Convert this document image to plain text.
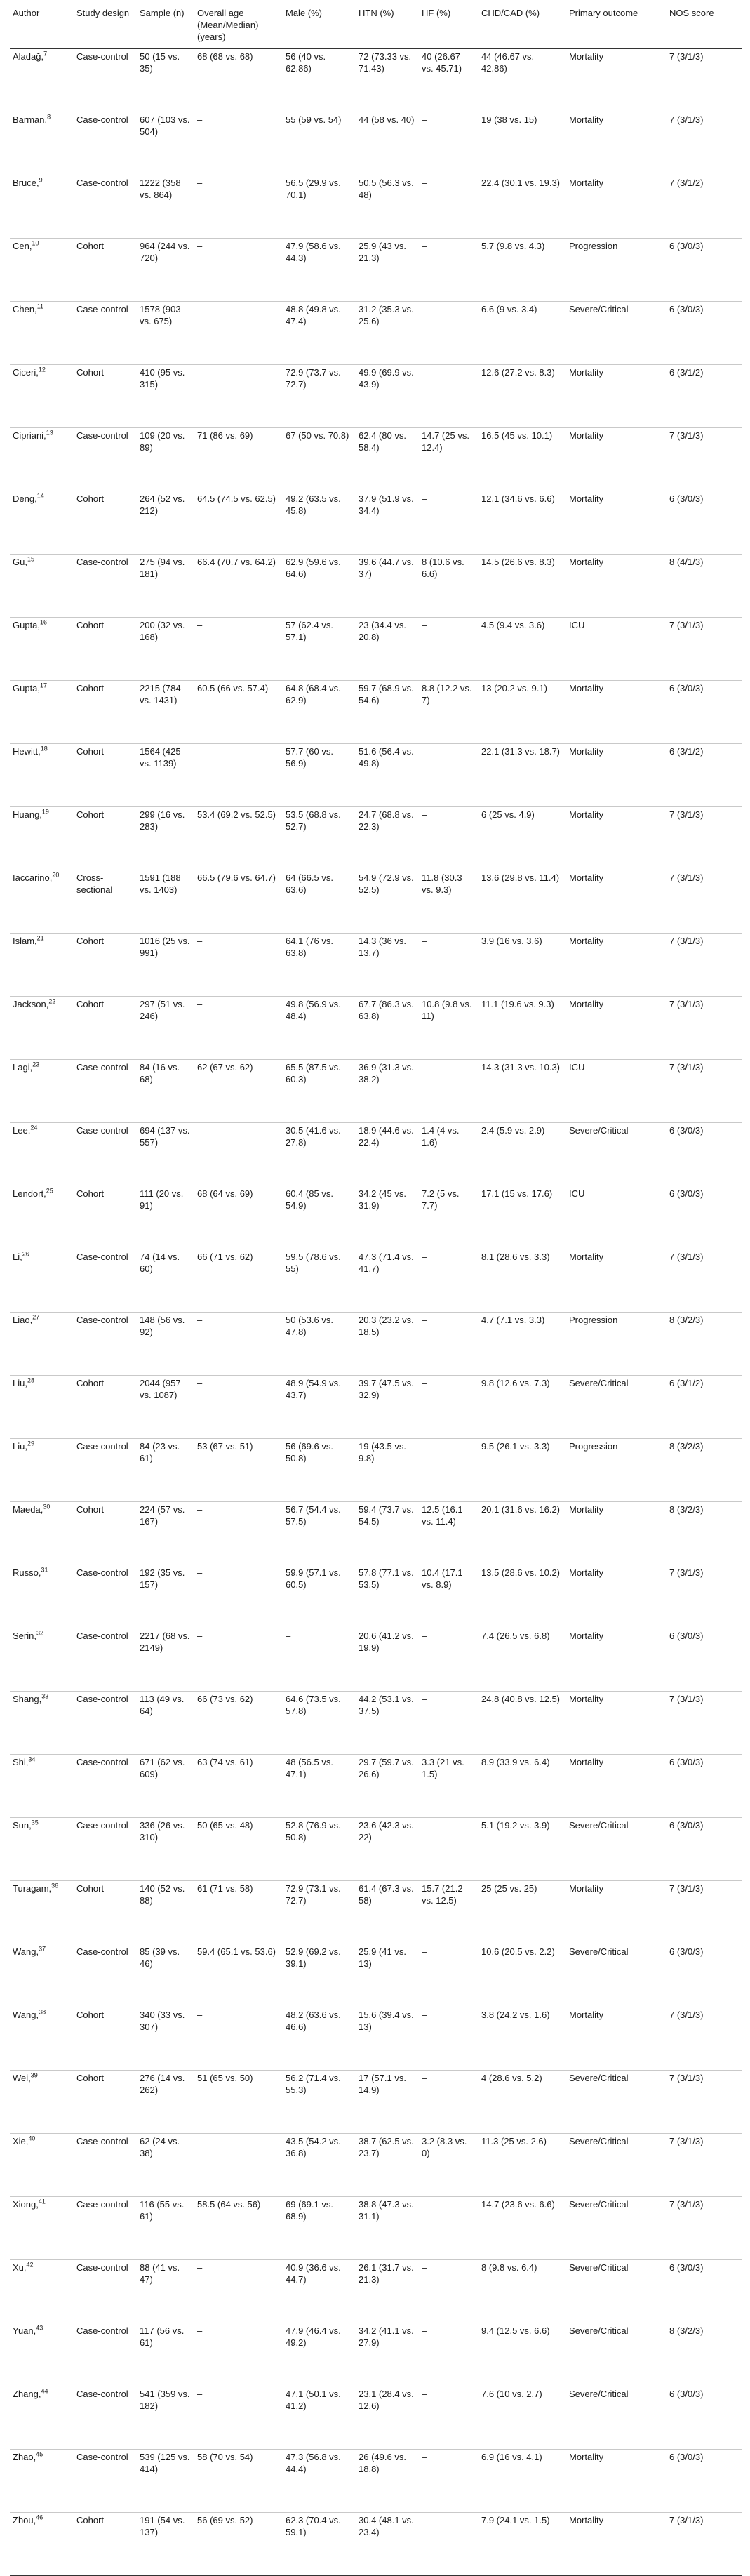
Author	Study design	Sample (n)	Overall age (Mean/Median) (years)	Male (%)	HTN (%)	HF (%)	CHD/CAD (%)	Primary outcome	NOS score
Aladağ,$^7$	Case-control	50 (15 vs. 35)	68 (68 vs. 68)	56 (40 vs. 62.86)	72 (73.33 vs. 71.43)	40 (26.67 vs. 45.71)	44 (46.67 vs. 42.86)	Mortality	7 (3/1/3)
Barman,$^8$	Case-control	607 (103 vs. 504)	–	55 (59 vs. 54)	44 (58 vs. 40)	–	19 (38 vs. 15)	Mortality	7 (3/1/3)
Bruce,$^9$	Case-control	1222 (358 vs. 864)	–	56.5 (29.9 vs. 70.1)	50.5 (56.3 vs. 48)	–	22.4 (30.1 vs. 19.3)	Mortality	7 (3/1/2)
Cen,$^{10}$	Cohort	964 (244 vs. 720)	–	47.9 (58.6 vs. 44.3)	25.9 (43 vs. 21.3)	–	5.7 (9.8 vs. 4.3)	Progression	6 (3/0/3)
Chen,$^{11}$	Case-control	1578 (903 vs. 675)	–	48.8 (49.8 vs. 47.4)	31.2 (35.3 vs. 25.6)	–	6.6 (9 vs. 3.4)	Severe/Critical	6 (3/0/3)
Ciceri,$^{12}$	Cohort	410 (95 vs. 315)	–	72.9 (73.7 vs. 72.7)	49.9 (69.9 vs. 43.9)	–	12.6 (27.2 vs. 8.3)	Mortality	6 (3/1/2)
Cipriani,$^{13}$	Case-control	109 (20 vs. 89)	71 (86 vs. 69)	67 (50 vs. 70.8)	62.4 (80 vs. 58.4)	14.7 (25 vs. 12.4)	16.5 (45 vs. 10.1)	Mortality	7 (3/1/3)
Deng,$^{14}$	Cohort	264 (52 vs. 212)	64.5 (74.5 vs. 62.5)	49.2 (63.5 vs. 45.8)	37.9 (51.9 vs. 34.4)	–	12.1 (34.6 vs. 6.6)	Mortality	6 (3/0/3)
Gu,$^{15}$	Case-control	275 (94 vs. 181)	66.4 (70.7 vs. 64.2)	62.9 (59.6 vs. 64.6)	39.6 (44.7 vs. 37)	8 (10.6 vs. 6.6)	14.5 (26.6 vs. 8.3)	Mortality	8 (4/1/3)
Gupta,$^{16}$	Cohort	200 (32 vs. 168)	–	57 (62.4 vs. 57.1)	23 (34.4 vs. 20.8)	–	4.5 (9.4 vs. 3.6)	ICU	7 (3/1/3)
Gupta,$^{17}$	Cohort	2215 (784 vs. 1431)	60.5 (66 vs. 57.4)	64.8 (68.4 vs. 62.9)	59.7 (68.9 vs. 54.6)	8.8 (12.2 vs. 7)	13 (20.2 vs. 9.1)	Mortality	6 (3/0/3)
Hewitt,$^{18}$	Cohort	1564 (425 vs. 1139)	–	57.7 (60 vs. 56.9)	51.6 (56.4 vs. 49.8)	–	22.1 (31.3 vs. 18.7)	Mortality	6 (3/1/2)
Huang,$^{19}$	Cohort	299 (16 vs. 283)	53.4 (69.2 vs. 52.5)	53.5 (68.8 vs. 52.7)	24.7 (68.8 vs. 22.3)	–	6 (25 vs. 4.9)	Mortality	7 (3/1/3)
Iaccarino,$^{20}$	Cross-sectional	1591 (188 vs. 1403)	66.5 (79.6 vs. 64.7)	64 (66.5 vs. 63.6)	54.9 (72.9 vs. 52.5)	11.8 (30.3 vs. 9.3)	13.6 (29.8 vs. 11.4)	Mortality	7 (3/1/3)
Islam,$^{21}$	Cohort	1016 (25 vs. 991)	–	64.1 (76 vs. 63.8)	14.3 (36 vs. 13.7)	–	3.9 (16 vs. 3.6)	Mortality	7 (3/1/3)
Jackson,$^{22}$	Cohort	297 (51 vs. 246)	–	49.8 (56.9 vs. 48.4)	67.7 (86.3 vs. 63.8)	10.8 (9.8 vs. 11)	11.1 (19.6 vs. 9.3)	Mortality	7 (3/1/3)
Lagi,$^{23}$	Case-control	84 (16 vs. 68)	62 (67 vs. 62)	65.5 (87.5 vs. 60.3)	36.9 (31.3 vs. 38.2)	–	14.3 (31.3 vs. 10.3)	ICU	7 (3/1/3)
Lee,$^{24}$	Case-control	694 (137 vs. 557)	–	30.5 (41.6 vs. 27.8)	18.9 (44.6 vs. 22.4)	1.4 (4 vs. 1.6)	2.4 (5.9 vs. 2.9)	Severe/Critical	6 (3/0/3)
Lendort,$^{25}$	Cohort	111 (20 vs. 91)	68 (64 vs. 69)	60.4 (85 vs. 54.9)	34.2 (45 vs. 31.9)	7.2 (5 vs. 7.7)	17.1 (15 vs. 17.6)	ICU	6 (3/0/3)
Li,$^{26}$	Case-control	74 (14 vs. 60)	66 (71 vs. 62)	59.5 (78.6 vs. 55)	47.3 (71.4 vs. 41.7)	–	8.1 (28.6 vs. 3.3)	Mortality	7 (3/1/3)
Liao,$^{27}$	Case-control	148 (56 vs. 92)	–	50 (53.6 vs. 47.8)	20.3 (23.2 vs. 18.5)	–	4.7 (7.1 vs. 3.3)	Progression	8 (3/2/3)
Liu,$^{28}$	Cohort	2044 (957 vs. 1087)	–	48.9 (54.9 vs. 43.7)	39.7 (47.5 vs. 32.9)	–	9.8 (12.6 vs. 7.3)	Severe/Critical	6 (3/1/2)
Liu,$^{29}$	Case-control	84 (23 vs. 61)	53 (67 vs. 51)	56 (69.6 vs. 50.8)	19 (43.5 vs. 9.8)	–	9.5 (26.1 vs. 3.3)	Progression	8 (3/2/3)
Maeda,$^{30}$	Cohort	224 (57 vs. 167)	–	56.7 (54.4 vs. 57.5)	59.4 (73.7 vs. 54.5)	12.5 (16.1 vs. 11.4)	20.1 (31.6 vs. 16.2)	Mortality	8 (3/2/3)
Russo,$^{31}$	Case-control	192 (35 vs. 157)	–	59.9 (57.1 vs. 60.5)	57.8 (77.1 vs. 53.5)	10.4 (17.1 vs. 8.9)	13.5 (28.6 vs. 10.2)	Mortality	7 (3/1/3)
Serin,$^{32}$	Case-control	2217 (68 vs. 2149)	–	–	20.6 (41.2 vs. 19.9)	–	7.4 (26.5 vs. 6.8)	Mortality	6 (3/0/3)
Shang,$^{33}$	Case-control	113 (49 vs. 64)	66 (73 vs. 62)	64.6 (73.5 vs. 57.8)	44.2 (53.1 vs. 37.5)	–	24.8 (40.8 vs. 12.5)	Mortality	7 (3/1/3)
Shi,$^{34}$	Case-control	671 (62 vs. 609)	63 (74 vs. 61)	48 (56.5 vs. 47.1)	29.7 (59.7 vs. 26.6)	3.3 (21 vs. 1.5)	8.9 (33.9 vs. 6.4)	Mortality	6 (3/0/3)
Sun,$^{35}$	Case-control	336 (26 vs. 310)	50 (65 vs. 48)	52.8 (76.9 vs. 50.8)	23.6 (42.3 vs. 22)	–	5.1 (19.2 vs. 3.9)	Severe/Critical	6 (3/0/3)
Turagam,$^{36}$	Cohort	140 (52 vs. 88)	61 (71 vs. 58)	72.9 (73.1 vs. 72.7)	61.4 (67.3 vs. 58)	15.7 (21.2 vs. 12.5)	25 (25 vs. 25)	Mortality	7 (3/1/3)
Wang,$^{37}$	Case-control	85 (39 vs. 46)	59.4 (65.1 vs. 53.6)	52.9 (69.2 vs. 39.1)	25.9 (41 vs. 13)	–	10.6 (20.5 vs. 2.2)	Severe/Critical	6 (3/0/3)
Wang,$^{38}$	Cohort	340 (33 vs. 307)	–	48.2 (63.6 vs. 46.6)	15.6 (39.4 vs. 13)	–	3.8 (24.2 vs. 1.6)	Mortality	7 (3/1/3)
Wei,$^{39}$	Cohort	276 (14 vs. 262)	51 (65 vs. 50)	56.2 (71.4 vs. 55.3)	17 (57.1 vs. 14.9)	–	4 (28.6 vs. 5.2)	Severe/Critical	7 (3/1/3)
Xie,$^{40}$	Case-control	62 (24 vs. 38)	–	43.5 (54.2 vs. 36.8)	38.7 (62.5 vs. 23.7)	3.2 (8.3 vs. 0)	11.3 (25 vs. 2.6)	Severe/Critical	7 (3/1/3)
Xiong,$^{41}$	Case-control	116 (55 vs. 61)	58.5 (64 vs. 56)	69 (69.1 vs. 68.9)	38.8 (47.3 vs. 31.1)	–	14.7 (23.6 vs. 6.6)	Severe/Critical	7 (3/1/3)
Xu,$^{42}$	Case-control	88 (41 vs. 47)	–	40.9 (36.6 vs. 44.7)	26.1 (31.7 vs. 21.3)	–	8 (9.8 vs. 6.4)	Severe/Critical	6 (3/0/3)
Yuan,$^{43}$	Case-control	117 (56 vs. 61)	–	47.9 (46.4 vs. 49.2)	34.2 (41.1 vs. 27.9)	–	9.4 (12.5 vs. 6.6)	Severe/Critical	8 (3/2/3)
Zhang,$^{44}$	Case-control	541 (359 vs. 182)	–	47.1 (50.1 vs. 41.2)	23.1 (28.4 vs. 12.6)	–	7.6 (10 vs. 2.7)	Severe/Critical	6 (3/0/3)
Zhao,$^{45}$	Case-control	539 (125 vs. 414)	58 (70 vs. 54)	47.3 (56.8 vs. 44.4)	26 (49.6 vs. 18.8)	–	6.9 (16 vs. 4.1)	Mortality	6 (3/0/3)
Zhou,$^{46}$	Cohort	191 (54 vs. 137)	56 (69 vs. 52)	62.3 (70.4 vs. 59.1)	30.4 (48.1 vs. 23.4)	–	7.9 (24.1 vs. 1.5)	Mortality	7 (3/1/3)
